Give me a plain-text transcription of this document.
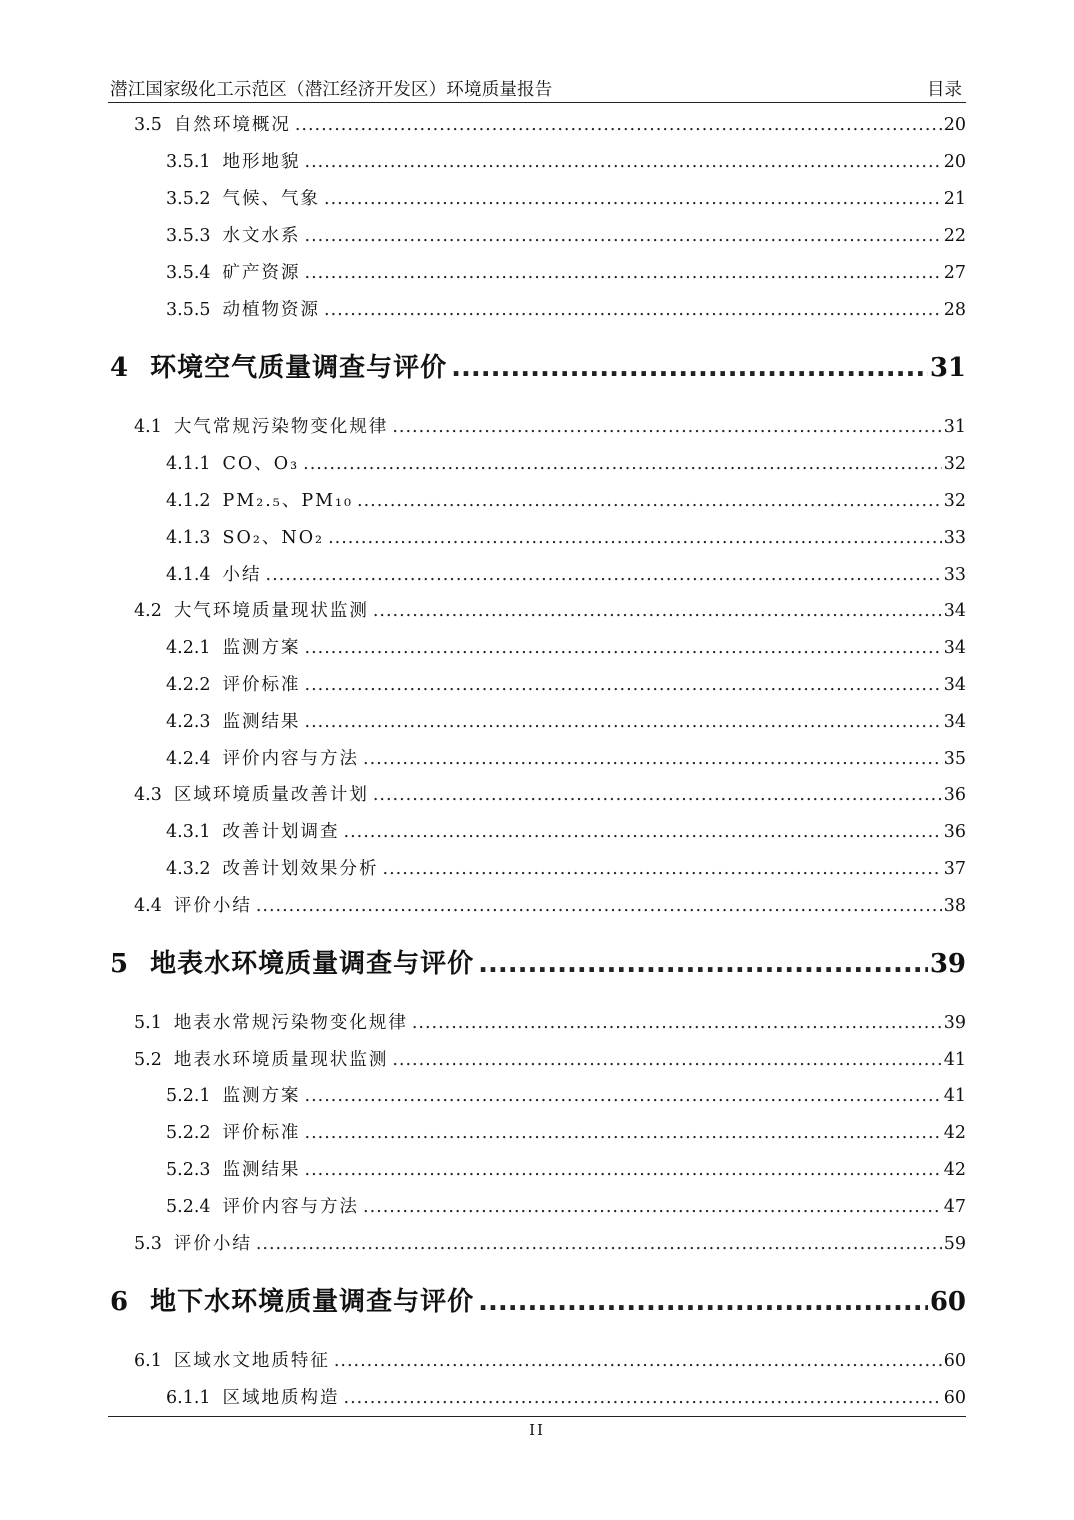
潜江国家级化工示范区（潜江经济开发区）环境质量报告	目录
3.5 自然环境概况 .....	20
3.5.1 地形地貌 .....	20
3.5.2 气候、气象 .....	21
3.5.3 水文水系 .....	22
3.5.4 矿产资源 .....	27
3.5.5 动植物资源 .....	28
4 环境空气质量调查与评价 .....	31
4.1 大气常规污染物变化规律 .....	31
4.1.1 CO、O₃ .....	32
4.1.2 PM₂.₅、PM₁₀ .....	32
4.1.3 SO₂、NO₂ .....	33
4.1.4 小结 .....	33
4.2 大气环境质量现状监测 .....	34
4.2.1 监测方案 .....	34
4.2.2 评价标准 .....	34
4.2.3 监测结果 .....	34
4.2.4 评价内容与方法 .....	35
4.3 区域环境质量改善计划 .....	36
4.3.1 改善计划调查 .....	36
4.3.2 改善计划效果分析 .....	37
4.4 评价小结 .....	38
5 地表水环境质量调查与评价 .....	39
5.1 地表水常规污染物变化规律 .....	39
5.2 地表水环境质量现状监测 .....	41
5.2.1 监测方案 .....	41
5.2.2 评价标准 .....	42
5.2.3 监测结果 .....	42
5.2.4 评价内容与方法 .....	47
5.3 评价小结 .....	59
6 地下水环境质量调查与评价 .....	60
6.1 区域水文地质特征 .....	60
6.1.1 区域地质构造 .....	60
II
